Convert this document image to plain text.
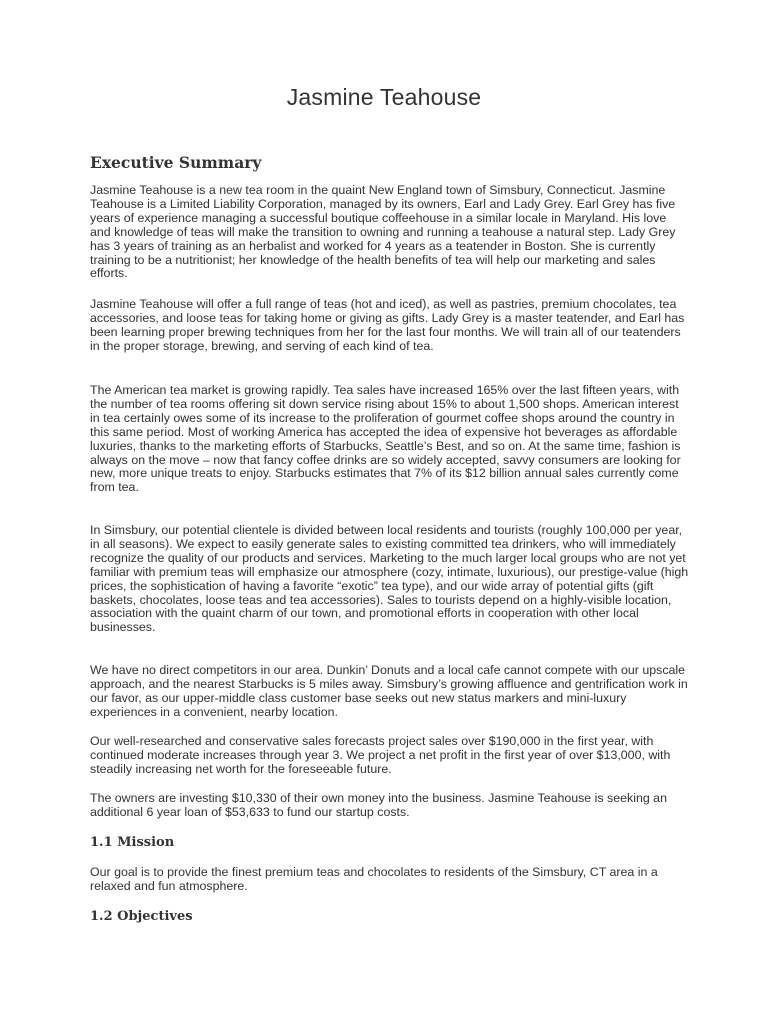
Jasmine Teahouse
Executive Summary

Jasmine Teahouse is a new tea room in the quaint New England town of Simsbury, Connecticut. Jasmine Teahouse is a Limited Liability Corporation, managed by its owners, Earl and Lady Grey. Earl Grey has five years of experience managing a successful boutique coffeehouse in a similar locale in Maryland. His love and knowledge of teas will make the transition to owning and running a teahouse a natural step. Lady Grey has 3 years of training as an herbalist and worked for 4 years as a teatender in Boston. She is currently training to be a nutritionist; her knowledge of the health benefits of tea will help our marketing and sales efforts.

Jasmine Teahouse will offer a full range of teas (hot and iced), as well as pastries, premium chocolates, tea accessories, and loose teas for taking home or giving as gifts. Lady Grey is a master teatender, and Earl has been learning proper brewing techniques from her for the last four months. We will train all of our teatenders in the proper storage, brewing, and serving of each kind of tea.

The American tea market is growing rapidly. Tea sales have increased 165% over the last fifteen years, with the number of tea rooms offering sit down service rising about 15% to about 1,500 shops. American interest in tea certainly owes some of its increase to the proliferation of gourmet coffee shops around the country in this same period. Most of working America has accepted the idea of expensive hot beverages as affordable luxuries, thanks to the marketing efforts of Starbucks, Seattle’s Best, and so on. At the same time, fashion is always on the move – now that fancy coffee drinks are so widely accepted, savvy consumers are looking for new, more unique treats to enjoy. Starbucks estimates that 7% of its $12 billion annual sales currently come from tea.

In Simsbury, our potential clientele is divided between local residents and tourists (roughly 100,000 per year, in all seasons). We expect to easily generate sales to existing committed tea drinkers, who will immediately recognize the quality of our products and services. Marketing to the much larger local groups who are not yet familiar with premium teas will emphasize our atmosphere (cozy, intimate, luxurious), our prestige-value (high prices, the sophistication of having a favorite “exotic” tea type), and our wide array of potential gifts (gift baskets, chocolates, loose teas and tea accessories). Sales to tourists depend on a highly-visible location, association with the quaint charm of our town, and promotional efforts in cooperation with other local businesses.

We have no direct competitors in our area. Dunkin’ Donuts and a local cafe cannot compete with our upscale approach, and the nearest Starbucks is 5 miles away. Simsbury’s growing affluence and gentrification work in our favor, as our upper-middle class customer base seeks out new status markers and mini-luxury experiences in a convenient, nearby location.

Our well-researched and conservative sales forecasts project sales over $190,000 in the first year, with continued moderate increases through year 3. We project a net profit in the first year of over $13,000, with steadily increasing net worth for the foreseeable future.

The owners are investing $10,330 of their own money into the business. Jasmine Teahouse is seeking an additional 6 year loan of $53,633 to fund our startup costs.

1.1 Mission

Our goal is to provide the finest premium teas and chocolates to residents of the Simsbury, CT area in a relaxed and fun atmosphere.

1.2 Objectives
